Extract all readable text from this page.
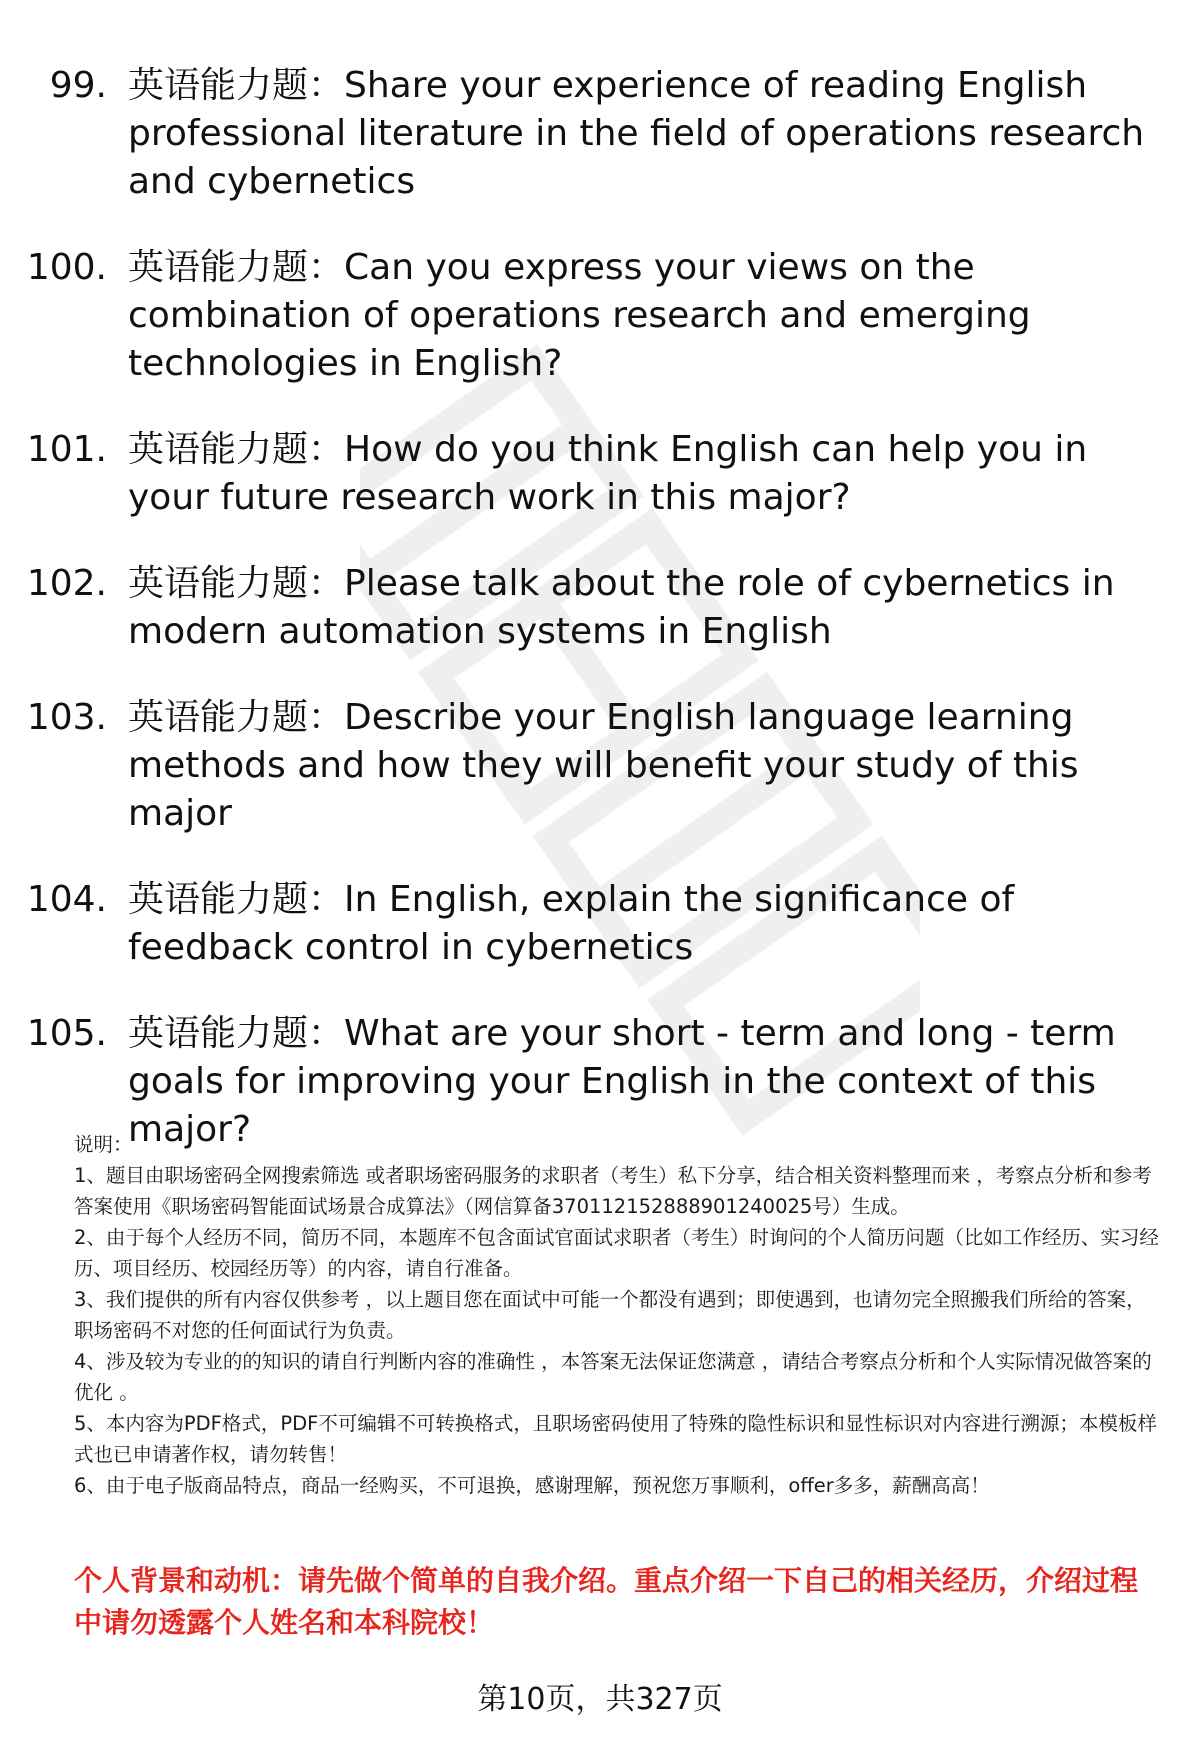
99. 英语能力题：Share your experience of reading English professional literature in the field of operations research and cybernetics
100. 英语能力题：Can you express your views on the combination of operations research and emerging technologies in English?
101. 英语能力题：How do you think English can help you in your future research work in this major?
102. 英语能力题：Please talk about the role of cybernetics in modern automation systems in English
103. 英语能力题：Describe your English language learning methods and how they will benefit your study of this major
104. 英语能力题：In English, explain the significance of feedback control in cybernetics
105. 英语能力题：What are your short - term and long - term goals for improving your English in the context of this major?

说明：

1、题目由职场密码全网搜索筛选 或者职场密码服务的求职者（考生）私下分享，结合相关资料整理而来 ，考察点分析和参考答案使用《职场密码智能面试场景合成算法》（网信算备370112152888901240025号）生成。

2、由于每个人经历不同，简历不同，本题库不包含面试官面试求职者（考生）时询问的个人简历问题（比如工作经历、实习经历、项目经历、校园经历等）的内容，请自行准备。

3、我们提供的所有内容仅供参考 ，以上题目您在面试中可能一个都没有遇到；即使遇到，也请勿完全照搬我们所给的答案，职场密码不对您的任何面试行为负责。

4、涉及较为专业的的知识的请自行判断内容的准确性 ，本答案无法保证您满意 ，请结合考察点分析和个人实际情况做答案的优化 。

5、本内容为PDF格式，PDF不可编辑不可转换格式，且职场密码使用了特殊的隐性标识和显性标识对内容进行溯源；本模板样式也已申请著作权，请勿转售！

6、由于电子版商品特点，商品一经购买，不可退换，感谢理解，预祝您万事顺利，offer多多，薪酬高高！

个人背景和动机：请先做个简单的自我介绍。重点介绍一下自己的相关经历，介绍过程中请勿透露个人姓名和本科院校！
第10页，共327页
